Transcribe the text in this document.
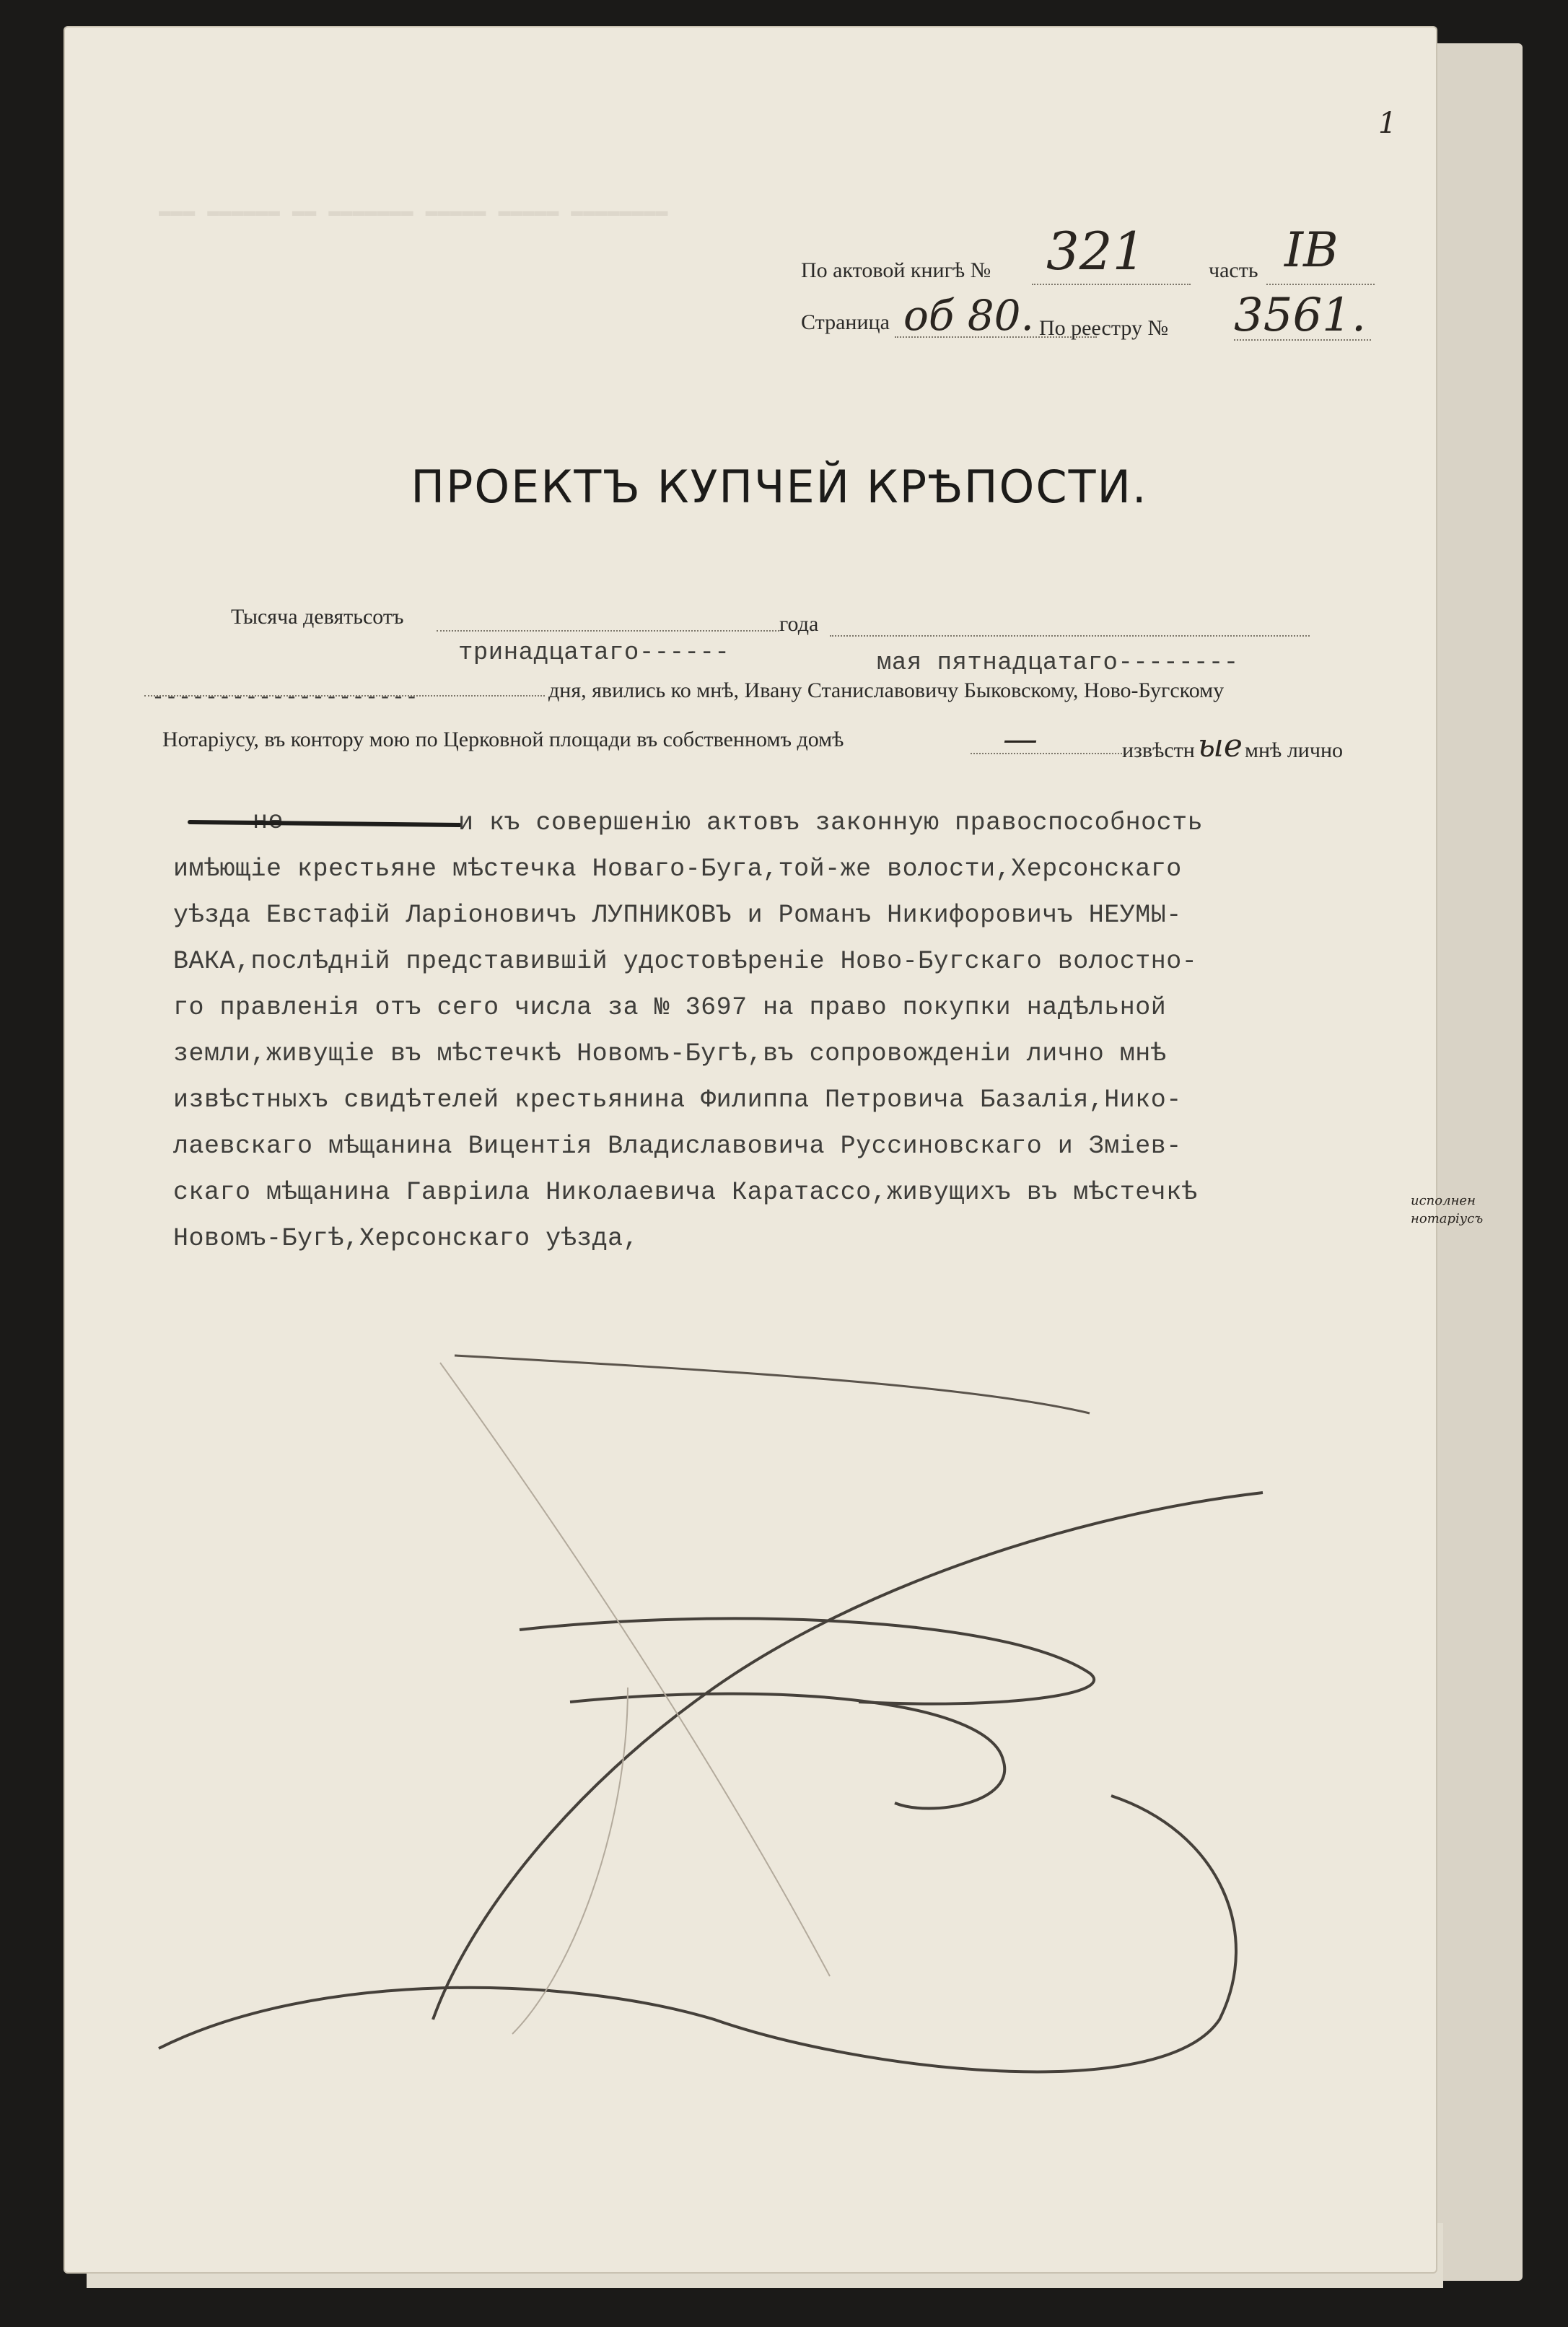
▬▬▬ ▬▬▬▬▬▬ ▬▬ ▬▬▬▬▬▬▬ ▬▬▬▬▬ ▬▬▬▬▬ ▬▬▬▬▬▬▬▬
1
По актовой книгѣ № 321	часть IB
Страница об 80. По реестру № 3561.
ПРОЕКТЪ КУПЧЕЙ КРѢПОСТИ.
Тысяча девятьсотъ	года
тринадцатаго------	мая пятнадцатаго--------
--------------------	дня, явились ко мнѣ, Ивану Станиславовичу Быковскому, Ново-Бугскому
Нотаріусу, въ контору мою по Церковной площади въ собственномъ домѣ	—	извѣстн ые мнѣ лично
и къ совершенію актовъ законную правоспособность
имѣющіе крестьяне мѣстечка Новаго-Буга,той-же волости,Херсонскаго
уѣзда Евстафій Ларіоновичъ ЛУПНИКОВЪ и Романъ Никифоровичъ НЕУМЫ-
ВАКА,послѣдній представившій удостовѣреніе Ново-Бугскаго волостно-
го правленія отъ сего числа за № 3697 на право покупки надѣльной
земли,живущіе въ мѣстечкѣ Новомъ-Бугѣ,въ сопровожденіи лично мнѣ
извѣстныхъ свидѣтелей крестьянина Филиппа Петровича Базалія,Нико-
лаевскаго мѣщанина Вицентія Владиславовича Руссиновскаго и Зміев-
скаго мѣщанина Гавріила Николаевича Каратассо,живущихъ въ мѣстечкѣ
Новомъ-Бугѣ,Херсонскаго уѣзда,
исполнен
нотаріусъ
